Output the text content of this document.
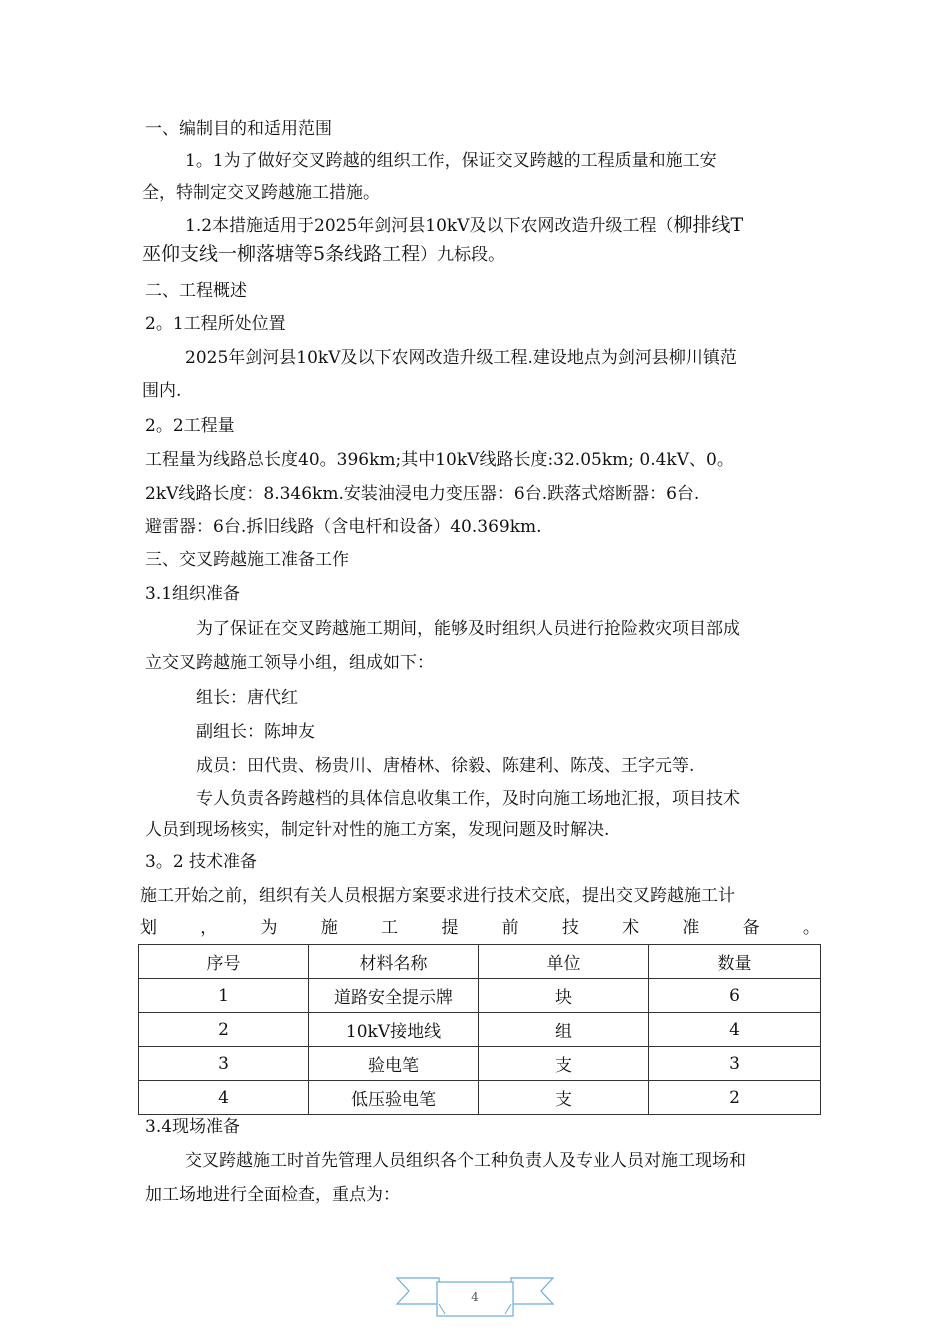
一、编制目的和适用范围
1。1为了做好交叉跨越的组织工作，保证交叉跨越的工程质量和施工安
全，特制定交叉跨越施工措施。
1.2本措施适用于2025年剑河县10kV及以下农网改造升级工程（柳排线T
巫仰支线一柳落塘等5条线路工程）九标段。
二、工程概述
2。1工程所处位置
2025年剑河县10kV及以下农网改造升级工程.建设地点为剑河县柳川镇范
围内.
2。2工程量
工程量为线路总长度40。396km;其中10kV线路长度:32.05km; 0.4kV、0。
2kV线路长度：8.346km.安装油浸电力变压器：6台.跌落式熔断器：6台.
避雷器：6台.拆旧线路（含电杆和设备）40.369km.
三、交叉跨越施工准备工作
3.1组织准备
为了保证在交叉跨越施工期间，能够及时组织人员进行抢险救灾项目部成
立交叉跨越施工领导小组，组成如下：
组长：唐代红
副组长：陈坤友
成员：田代贵、杨贵川、唐椿林、徐毅、陈建利、陈茂、王字元等.
专人负责各跨越档的具体信息收集工作，及时向施工场地汇报，项目技术
人员到现场核实，制定针对性的施工方案，发现问题及时解决.
3。2 技术准备
施工开始之前，组织有关人员根据方案要求进行技术交底，提出交叉跨越施工计
划	，	为	施	工	提	前	技	术	准	备	。
序号	材料名称	单位	数量
1	道路安全提示牌	块	6
2	10kV接地线	组	4
3	验电笔	支	3
4	低压验电笔	支	2
3.4现场准备
交叉跨越施工时首先管理人员组织各个工种负责人及专业人员对施工现场和
加工场地进行全面检查，重点为：
4
